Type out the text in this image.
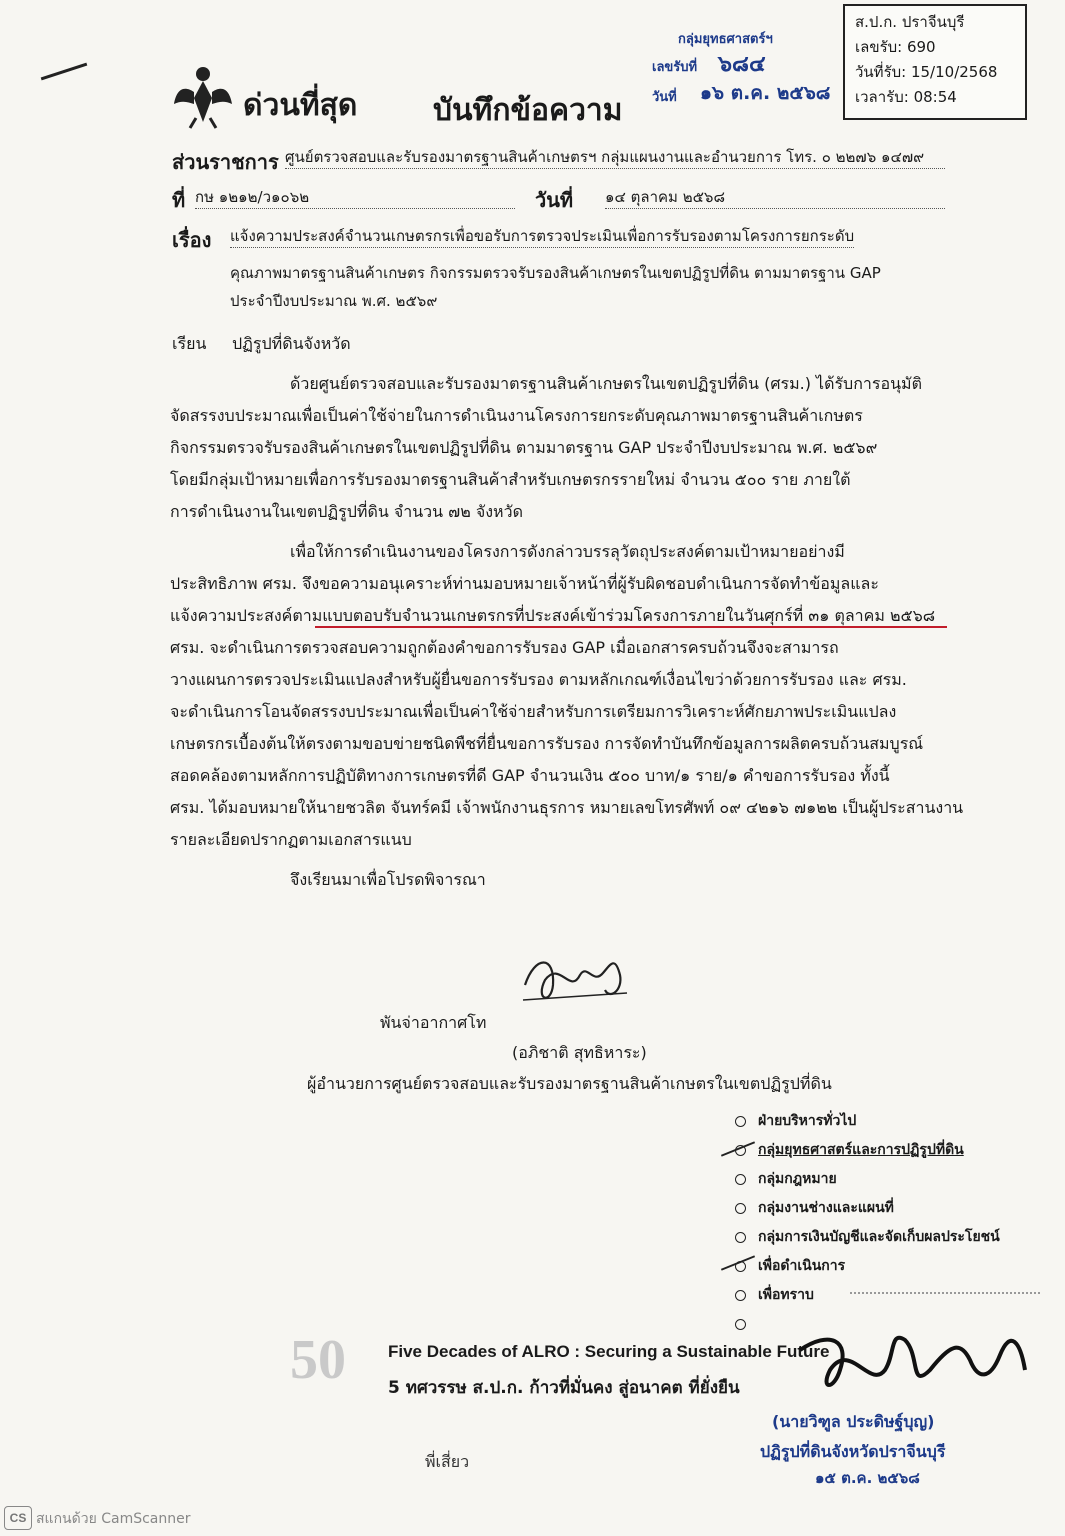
ส.ป.ก. ปราจีนบุรี
เลขรับ: 690
วันที่รับ: 15/10/2568
เวลารับ: 08:54
กลุ่มยุทธศาสตร์ฯ
เลขรับที่ ๖๘๔
วันที่ ๑๖ ต.ค. ๒๕๖๘
ด่วนที่สุด	บันทึกข้อความ
ส่วนราชการ ศูนย์ตรวจสอบและรับรองมาตรฐานสินค้าเกษตรฯ กลุ่มแผนงานและอำนวยการ โทร. ๐ ๒๒๗๖ ๑๔๗๙
ที่ กษ ๑๒๑๒/ว๑๐๖๒	วันที่ ๑๔ ตุลาคม ๒๕๖๘
เรื่อง แจ้งความประสงค์จำนวนเกษตรกรเพื่อขอรับการตรวจประเมินเพื่อการรับรองตามโครงการยกระดับ
คุณภาพมาตรฐานสินค้าเกษตร กิจกรรมตรวจรับรองสินค้าเกษตรในเขตปฏิรูปที่ดิน ตามมาตรฐาน GAP
ประจำปีงบประมาณ พ.ศ. ๒๕๖๙
เรียน ปฏิรูปที่ดินจังหวัด
ด้วยศูนย์ตรวจสอบและรับรองมาตรฐานสินค้าเกษตรในเขตปฏิรูปที่ดิน (ศรม.) ได้รับการอนุมัติ
จัดสรรงบประมาณเพื่อเป็นค่าใช้จ่ายในการดำเนินงานโครงการยกระดับคุณภาพมาตรฐานสินค้าเกษตร
กิจกรรมตรวจรับรองสินค้าเกษตรในเขตปฏิรูปที่ดิน ตามมาตรฐาน GAP ประจำปีงบประมาณ พ.ศ. ๒๕๖๙
โดยมีกลุ่มเป้าหมายเพื่อการรับรองมาตรฐานสินค้าสำหรับเกษตรกรรายใหม่ จำนวน ๕๐๐ ราย ภายใต้
การดำเนินงานในเขตปฏิรูปที่ดิน จำนวน ๗๒ จังหวัด
เพื่อให้การดำเนินงานของโครงการดังกล่าวบรรลุวัตถุประสงค์ตามเป้าหมายอย่างมี
ประสิทธิภาพ ศรม. จึงขอความอนุเคราะห์ท่านมอบหมายเจ้าหน้าที่ผู้รับผิดชอบดำเนินการจัดทำข้อมูลและ
แจ้งความประสงค์ตามแบบตอบรับจำนวนเกษตรกรที่ประสงค์เข้าร่วมโครงการภายในวันศุกร์ที่ ๓๑ ตุลาคม ๒๕๖๘
ศรม. จะดำเนินการตรวจสอบความถูกต้องคำขอการรับรอง GAP เมื่อเอกสารครบถ้วนจึงจะสามารถ
วางแผนการตรวจประเมินแปลงสำหรับผู้ยื่นขอการรับรอง ตามหลักเกณฑ์เงื่อนไขว่าด้วยการรับรอง และ ศรม.
จะดำเนินการโอนจัดสรรงบประมาณเพื่อเป็นค่าใช้จ่ายสำหรับการเตรียมการวิเคราะห์ศักยภาพประเมินแปลง
เกษตรกรเบื้องต้นให้ตรงตามขอบข่ายชนิดพืชที่ยื่นขอการรับรอง การจัดทำบันทึกข้อมูลการผลิตครบถ้วนสมบูรณ์
สอดคล้องตามหลักการปฏิบัติทางการเกษตรที่ดี GAP จำนวนเงิน ๕๐๐ บาท/๑ ราย/๑ คำขอการรับรอง ทั้งนี้
ศรม. ได้มอบหมายให้นายชวลิต จันทร์คมี เจ้าพนักงานธุรการ หมายเลขโทรศัพท์ ๐๙ ๔๒๑๖ ๗๑๒๒ เป็นผู้ประสานงาน
รายละเอียดปรากฏตามเอกสารแนบ
จึงเรียนมาเพื่อโปรดพิจารณา
พันจ่าอากาศโท
(อภิชาติ สุทธิหาระ)
ผู้อำนวยการศูนย์ตรวจสอบและรับรองมาตรฐานสินค้าเกษตรในเขตปฏิรูปที่ดิน
ฝ่ายบริหารทั่วไป
กลุ่มยุทธศาสตร์และการปฏิรูปที่ดิน
กลุ่มกฎหมาย
กลุ่มงานช่างและแผนที่
กลุ่มการเงินบัญชีและจัดเก็บผลประโยชน์
เพื่อดำเนินการ
เพื่อทราบ
50 Five Decades of ALRO : Securing a Sustainable Future
5 ทศวรรษ ส.ป.ก. ก้าวที่มั่นคง สู่อนาคต ที่ยั่งยืน
(นายวิฑูล ประดิษฐ์บุญ)
ปฏิรูปที่ดินจังหวัดปราจีนบุรี
๑๕ ต.ค. ๒๕๖๘
พี่เสี่ยว
CS สแกนด้วย CamScanner
